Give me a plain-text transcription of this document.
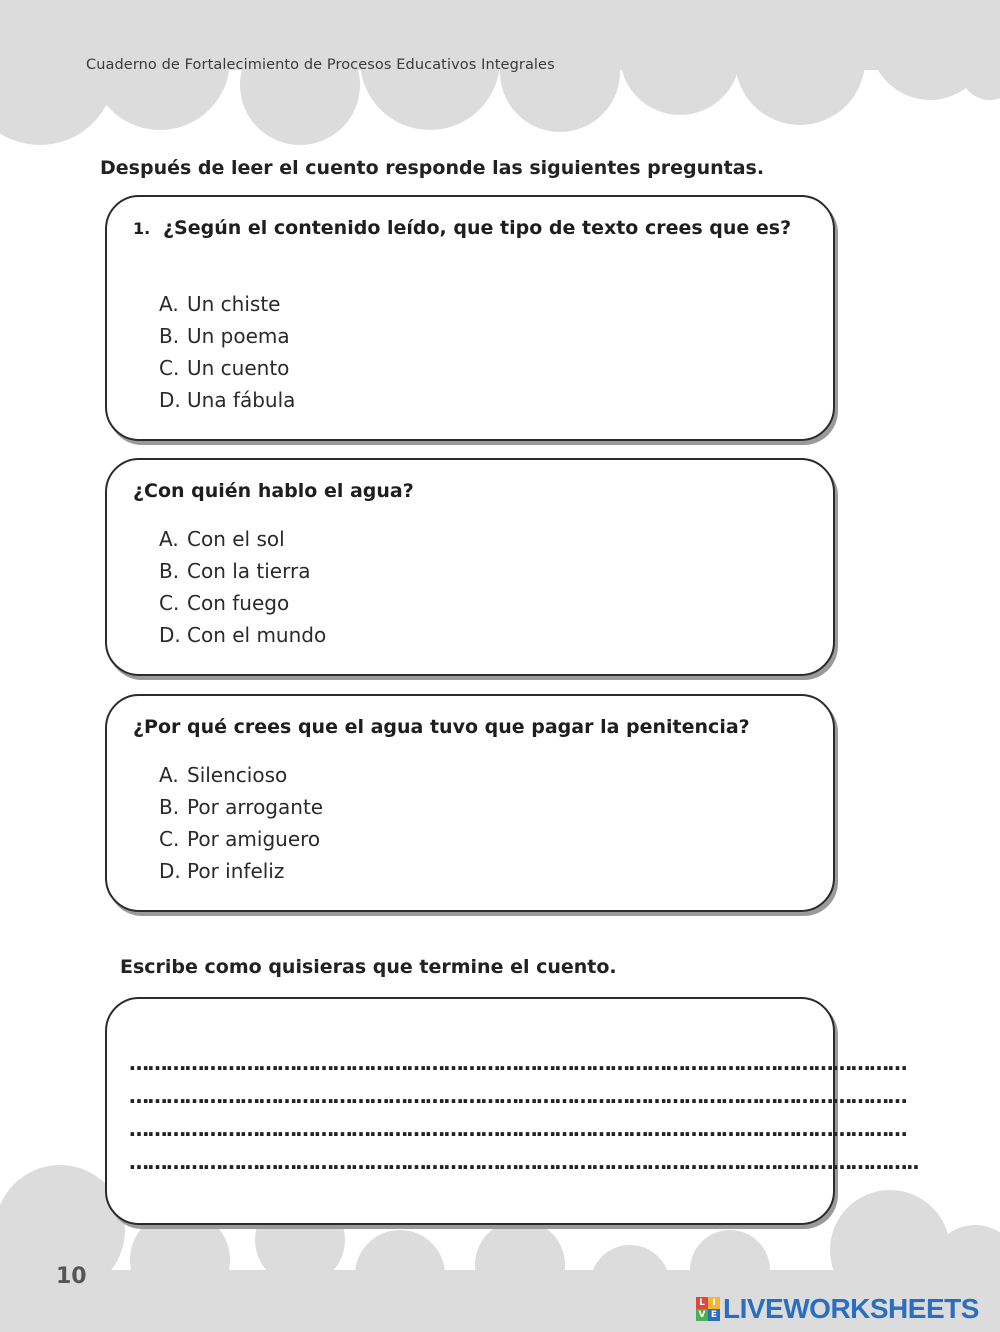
Cuaderno de Fortalecimiento de Procesos Educativos Integrales
Después de leer el cuento responde las siguientes preguntas.
1. ¿Según el contenido leído, que tipo de texto crees que es?
A. Un chiste
B. Un poema
C. Un cuento
D. Una fábula
¿Con quién hablo el agua?
A. Con el sol
B. Con la tierra
C. Con fuego
D. Con el mundo
¿Por qué crees que el agua tuvo que pagar la penitencia?
A. Silencioso
B. Por arrogante
C. Por amiguero
D. Por infeliz
Escribe como quisieras que termine el cuento.
………………………………………………………………………………………………………………
………………………………………………………………………………………………………………
………………………………………………………………………………………………………………
………………………………………………………………………………………………………………..
10
L I
V E LIVEWORKSHEETS
